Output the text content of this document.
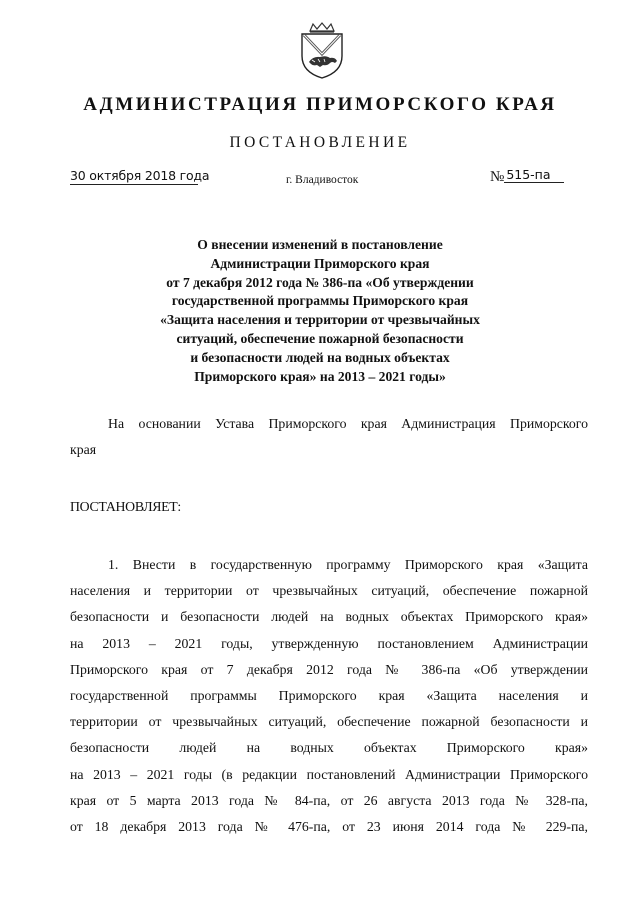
АДМИНИСТРАЦИЯ ПРИМОРСКОГО КРАЯ
ПОСТАНОВЛЕНИЕ
30 октября 2018 года	г. Владивосток	№ 515-па
О внесении изменений в постановление
Администрации Приморского края
от 7 декабря 2012 года № 386-па «Об утверждении
государственной программы Приморского края
«Защита населения и территории от чрезвычайных
ситуаций, обеспечение пожарной безопасности
и безопасности людей на водных объектах
Приморского края» на 2013 – 2021 годы»
На основании Устава Приморского края Администрация Приморского
края
ПОСТАНОВЛЯЕТ:
1. Внести в государственную программу Приморского края «Защита
населения и территории от чрезвычайных ситуаций, обеспечение пожарной
безопасности и безопасности людей на водных объектах Приморского края»
на 2013 – 2021 годы, утвержденную постановлением Администрации
Приморского края от 7 декабря 2012 года № 386-па «Об утверждении
государственной программы Приморского края «Защита населения и
территории от чрезвычайных ситуаций, обеспечение пожарной безопасности и
безопасности людей на водных объектах Приморского края»
на 2013 – 2021 годы (в редакции постановлений Администрации Приморского
края от 5 марта 2013 года № 84-па, от 26 августа 2013 года № 328-па,
от 18 декабря 2013 года № 476-па, от 23 июня 2014 года № 229-па,
